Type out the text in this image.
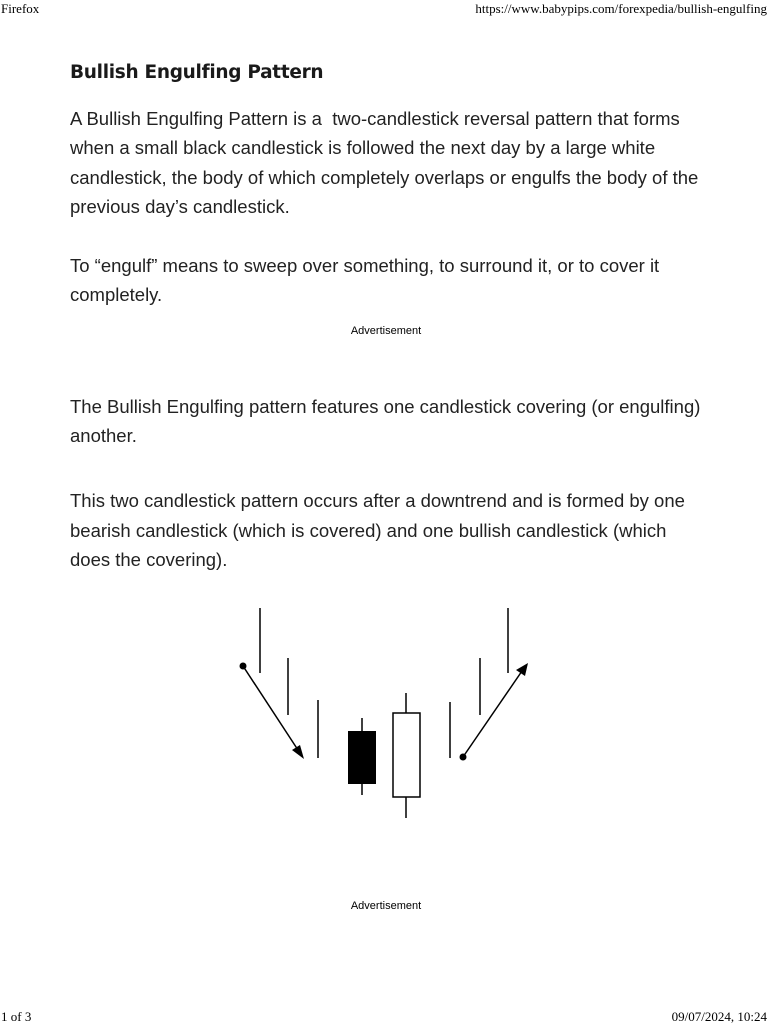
Firefox	https://www.babypips.com/forexpedia/bullish-engulfing
Bullish Engulfing Pattern

A Bullish Engulfing Pattern is a  two-candlestick reversal pattern that forms when a small black candlestick is followed the next day by a large white candlestick, the body of which completely overlaps or engulfs the body of the previous day’s candlestick.

To “engulf” means to sweep over something, to surround it, or to cover it completely.

Advertisement

The Bullish Engulfing pattern features one candlestick covering (or engulfing) another.

This two candlestick pattern occurs after a downtrend and is formed by one bearish candlestick (which is covered) and one bullish candlestick (which does the covering).

Advertisement
1 of 3	09/07/2024, 10:24
